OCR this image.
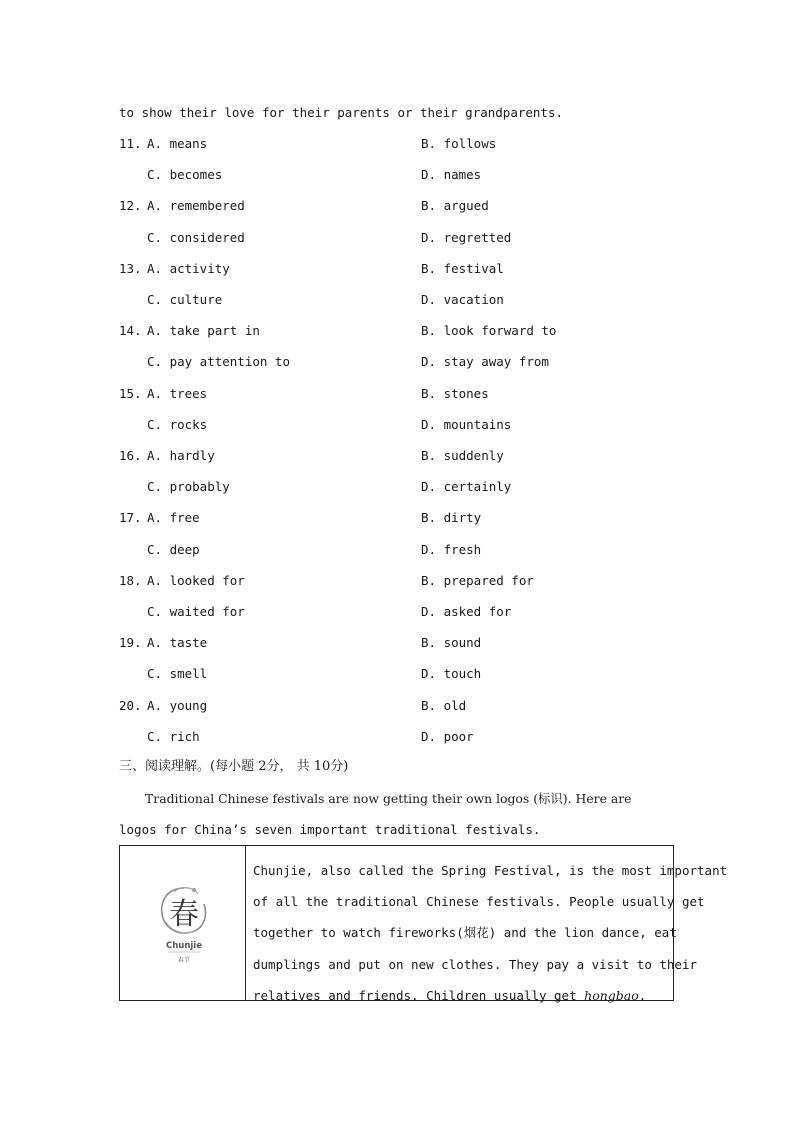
to show their love for their parents or their grandparents.
11. A. means	B. follows
C. becomes	D. names
12. A. remembered	B. argued
C. considered	D. regretted
13. A. activity	B. festival
C. culture	D. vacation
14. A. take part in	B. look forward to
C. pay attention to	D. stay away from
15. A. trees	B. stones
C. rocks	D. mountains
16. A. hardly	B. suddenly
C. probably	D. certainly
17. A. free	B. dirty
C. deep	D. fresh
18. A. looked for	B. prepared for
C. waited for	D. asked for
19. A. taste	B. sound
C. smell	D. touch
20. A. young	B. old
C. rich	D. poor
三、阅读理解。(每小题 2分， 共 10分)
Traditional Chinese festivals are now getting their own logos (标识). Here are
logos for China’s seven important traditional festivals.
春
Chunjie
春节
Chunjie, also called the Spring Festival, is the most important
of all the traditional Chinese festivals. People usually get
together to watch fireworks(烟花) and the lion dance, eat
dumplings and put on new clothes. They pay a visit to their
relatives and friends. Children usually get hongbao.
